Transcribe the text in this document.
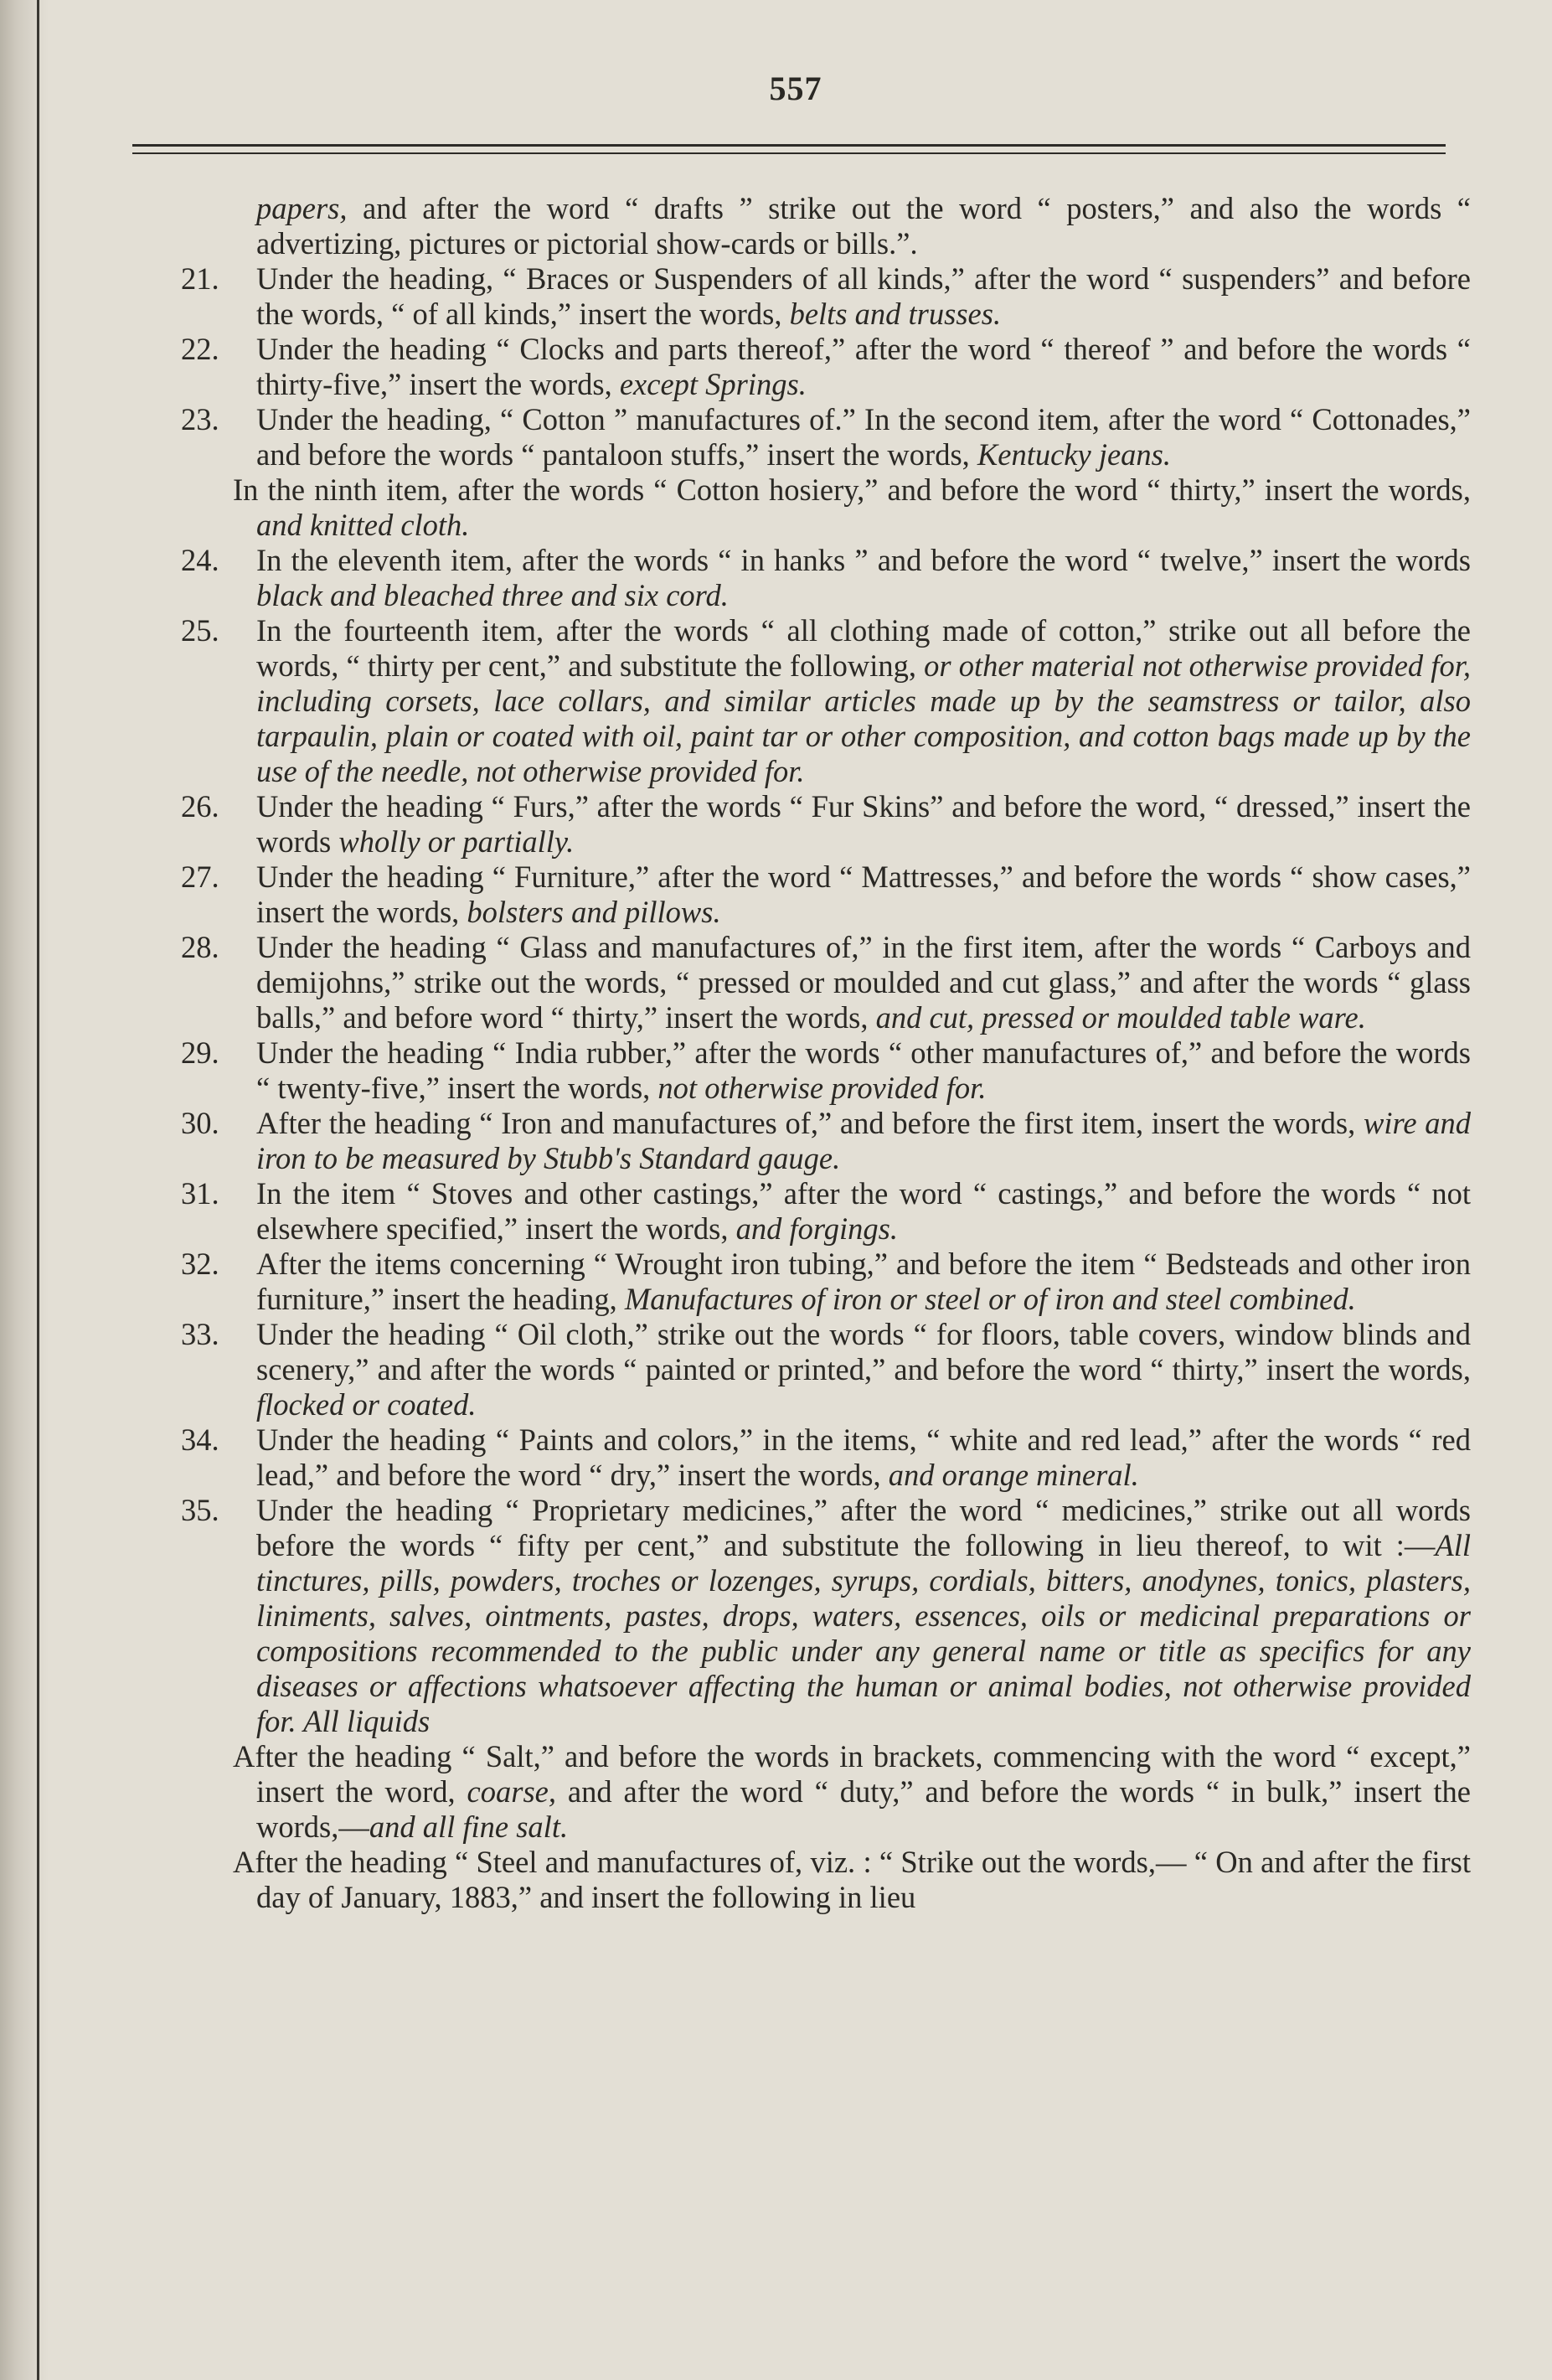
557
papers, and after the word “ drafts ” strike out the word “ posters,” and also the words “ advertizing, pictures or pictorial show-cards or bills.”.
21.	Under the heading, “ Braces or Suspenders of all kinds,” after the word “ suspenders” and before the words, “ of all kinds,” insert the words, belts and trusses.
22.	Under the heading “ Clocks and parts thereof,” after the word “ thereof ” and before the words “ thirty-five,” insert the words, except Springs.
23.	Under the heading, “ Cotton ” manufactures of.” In the second item, after the word “ Cottonades,” and before the words “ pantaloon stuffs,” insert the words, Kentucky jeans.
In the ninth item, after the words “ Cotton hosiery,” and before the word “ thirty,” insert the words, and knitted cloth.
24.	In the eleventh item, after the words “ in hanks ” and before the word “ twelve,” insert the words black and bleached three and six cord.
25.	In the fourteenth item, after the words “ all clothing made of cotton,” strike out all before the words, “ thirty per cent,” and substitute the following, or other material not otherwise provided for, including corsets, lace collars, and similar articles made up by the seamstress or tailor, also tarpaulin, plain or coated with oil, paint tar or other composition, and cotton bags made up by the use of the needle, not otherwise provided for.
26.	Under the heading “ Furs,” after the words “ Fur Skins” and before the word, “ dressed,” insert the words wholly or partially.
27.	Under the heading “ Furniture,” after the word “ Mattresses,” and before the words “ show cases,” insert the words, bolsters and pillows.
28.	Under the heading “ Glass and manufactures of,” in the first item, after the words “ Carboys and demijohns,” strike out the words, “ pressed or moulded and cut glass,” and after the words “ glass balls,” and before word “ thirty,” insert the words, and cut, pressed or moulded table ware.
29.	Under the heading “ India rubber,” after the words “ other manufactures of,” and before the words “ twenty-five,” insert the words, not otherwise provided for.
30.	After the heading “ Iron and manufactures of,” and before the first item, insert the words, wire and iron to be measured by Stubb's Standard gauge.
31.	In the item “ Stoves and other castings,” after the word “ castings,” and before the words “ not elsewhere specified,” insert the words, and forgings.
32.	After the items concerning “ Wrought iron tubing,” and before the item “ Bedsteads and other iron furniture,” insert the heading, Manufactures of iron or steel or of iron and steel combined.
33.	Under the heading “ Oil cloth,” strike out the words “ for floors, table covers, window blinds and scenery,” and after the words “ painted or printed,” and before the word “ thirty,” insert the words, flocked or coated.
34.	Under the heading “ Paints and colors,” in the items, “ white and red lead,” after the words “ red lead,” and before the word “ dry,” insert the words, and orange mineral.
35.	Under the heading “ Proprietary medicines,” after the word “ medicines,” strike out all words before the words “ fifty per cent,” and substitute the following in lieu thereof, to wit :—All tinctures, pills, powders, troches or lozenges, syrups, cordials, bitters, anodynes, tonics, plasters, liniments, salves, ointments, pastes, drops, waters, essences, oils or medicinal preparations or compositions recommended to the public under any general name or title as specifics for any diseases or affections whatsoever affecting the human or animal bodies, not otherwise provided for. All liquids
After the heading “ Salt,” and before the words in brackets, commencing with the word “ except,” insert the word, coarse, and after the word “ duty,” and before the words “ in bulk,” insert the words,—and all fine salt.
After the heading “ Steel and manufactures of, viz. : “ Strike out the words,— “ On and after the first day of January, 1883,” and insert the following in lieu
